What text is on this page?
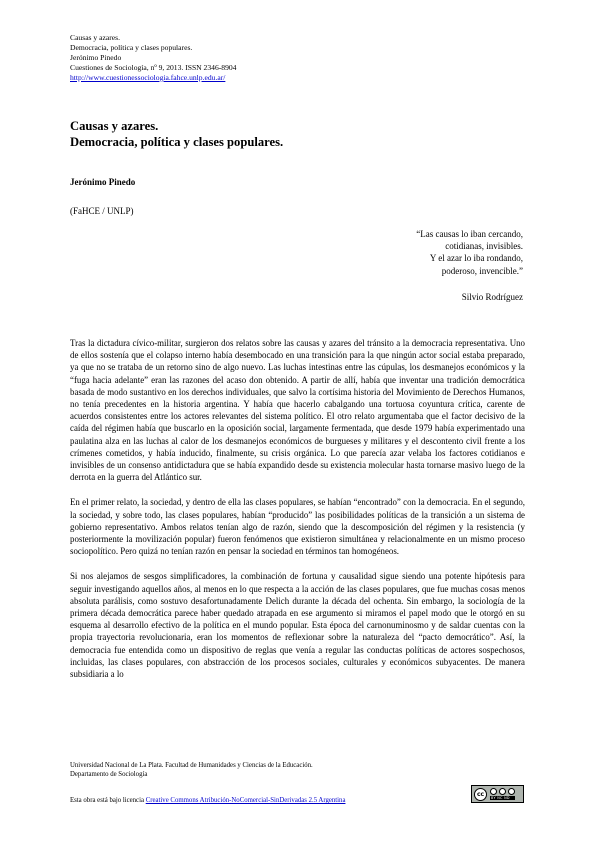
Causas y azares.
Democracia, política y clases populares.
Jerónimo Pinedo
Cuestiones de Sociología, nº 9, 2013. ISSN 2346-8904
http://www.cuestionessociologia.fahce.unlp.edu.ar/
Causas y azares.
Democracia, política y clases populares.
Jerónimo Pinedo
(FaHCE / UNLP)
“Las causas lo iban cercando,
cotidianas, invisibles.
Y el azar lo iba rondando,
poderoso, invencible.”
Silvio Rodríguez

Tras la dictadura cívico-militar, surgieron dos relatos sobre las causas y azares del tránsito a la democracia representativa. Uno de ellos sostenía que el colapso interno había desembocado en una transición para la que ningún actor social estaba preparado, ya que no se trataba de un retorno sino de algo nuevo. Las luchas intestinas entre las cúpulas, los desmanejos económicos y la “fuga hacia adelante” eran las razones del acaso don obtenido. A partir de allí, había que inventar una tradición democrática basada de modo sustantivo en los derechos individuales, que salvo la cortísima historia del Movimiento de Derechos Humanos, no tenía precedentes en la historia argentina. Y había que hacerlo cabalgando una tortuosa coyuntura crítica, carente de acuerdos consistentes entre los actores relevantes del sistema político. El otro relato argumentaba que el factor decisivo de la caída del régimen había que buscarlo en la oposición social, largamente fermentada, que desde 1979 había experimentado una paulatina alza en las luchas al calor de los desmanejos económicos de burgueses y militares y el descontento civil frente a los crímenes cometidos, y había inducido, finalmente, su crisis orgánica. Lo que parecía azar velaba los factores cotidianos e invisibles de un consenso antidictadura que se había expandido desde su existencia molecular hasta tornarse masivo luego de la derrota en la guerra del Atlántico sur.

En el primer relato, la sociedad, y dentro de ella las clases populares, se habían “encontrado” con la democracia. En el segundo, la sociedad, y sobre todo, las clases populares, habían “producido” las posibilidades políticas de la transición a un sistema de gobierno representativo. Ambos relatos tenían algo de razón, siendo que la descomposición del régimen y la resistencia (y posteriormente la movilización popular) fueron fenómenos que existieron simultánea y relacionalmente en un mismo proceso sociopolítico. Pero quizá no tenían razón en pensar la sociedad en términos tan homogéneos.

Si nos alejamos de sesgos simplificadores, la combinación de fortuna y causalidad sigue siendo una potente hipótesis para seguir investigando aquellos años, al menos en lo que respecta a la acción de las clases populares, que fue muchas cosas menos absoluta parálisis, como sostuvo desafortunadamente Delich durante la década del ochenta. Sin embargo, la sociología de la primera década democrática parece haber quedado atrapada en ese argumento si miramos el papel modo que le otorgó en su esquema al desarrollo efectivo de la política en el mundo popular. Esta época del carnonuminosmo y de saldar cuentas con la propia trayectoria revolucionaria, eran los momentos de reflexionar sobre la naturaleza del “pacto democrático”. Así, la democracia fue entendida como un dispositivo de reglas que venía a regular las conductas políticas de actores sospechosos, incluidas, las clases populares, con abstracción de los procesos sociales, culturales y económicos subyacentes. De manera subsidiaria a lo

Universidad Nacional de La Plata. Facultad de Humanidades y Ciencias de la Educación.
Departamento de Sociología
cc
BY NC ND
Esta obra está bajo licencia Creative Commons Atribución-NoComercial-SinDerivadas 2.5 Argentina
